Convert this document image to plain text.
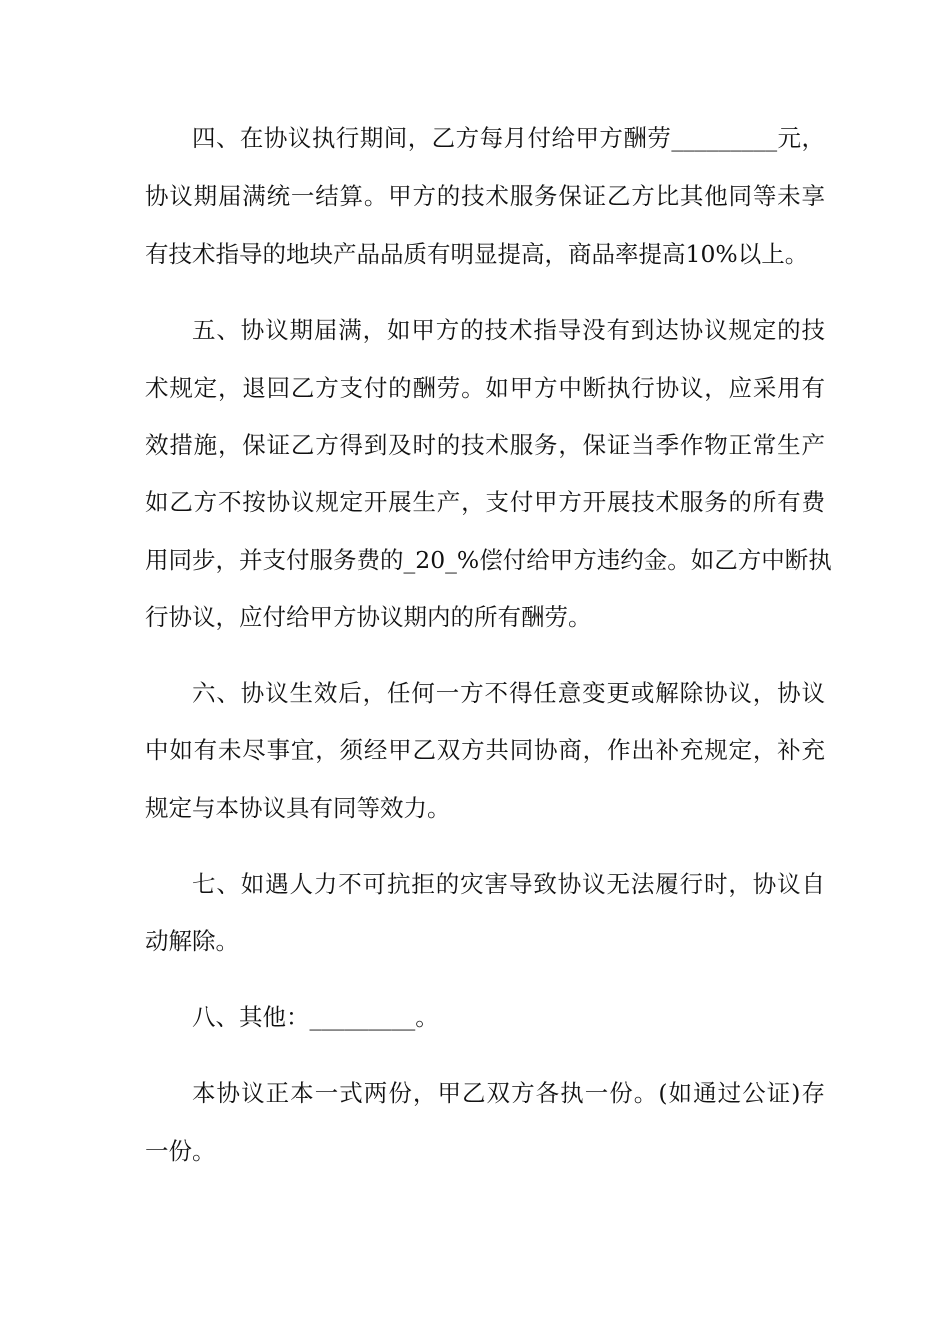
四、在协议执行期间，乙方每月付给甲方酬劳_________元，
协议期届满统一结算。甲方的技术服务保证乙方比其他同等未享
有技术指导的地块产品品质有明显提高，商品率提高10%以上。
五、协议期届满，如甲方的技术指导没有到达协议规定的技
术规定，退回乙方支付的酬劳。如甲方中断执行协议，应采用有
效措施，保证乙方得到及时的技术服务，保证当季作物正常生产
如乙方不按协议规定开展生产，支付甲方开展技术服务的所有费
用同步，并支付服务费的_20_%偿付给甲方违约金。如乙方中断执
行协议，应付给甲方协议期内的所有酬劳。
六、协议生效后，任何一方不得任意变更或解除协议，协议
中如有未尽事宜，须经甲乙双方共同协商，作出补充规定，补充
规定与本协议具有同等效力。
七、如遇人力不可抗拒的灾害导致协议无法履行时，协议自
动解除。
八、其他：_________。
本协议正本一式两份，甲乙双方各执一份。(如通过公证)存
一份。
